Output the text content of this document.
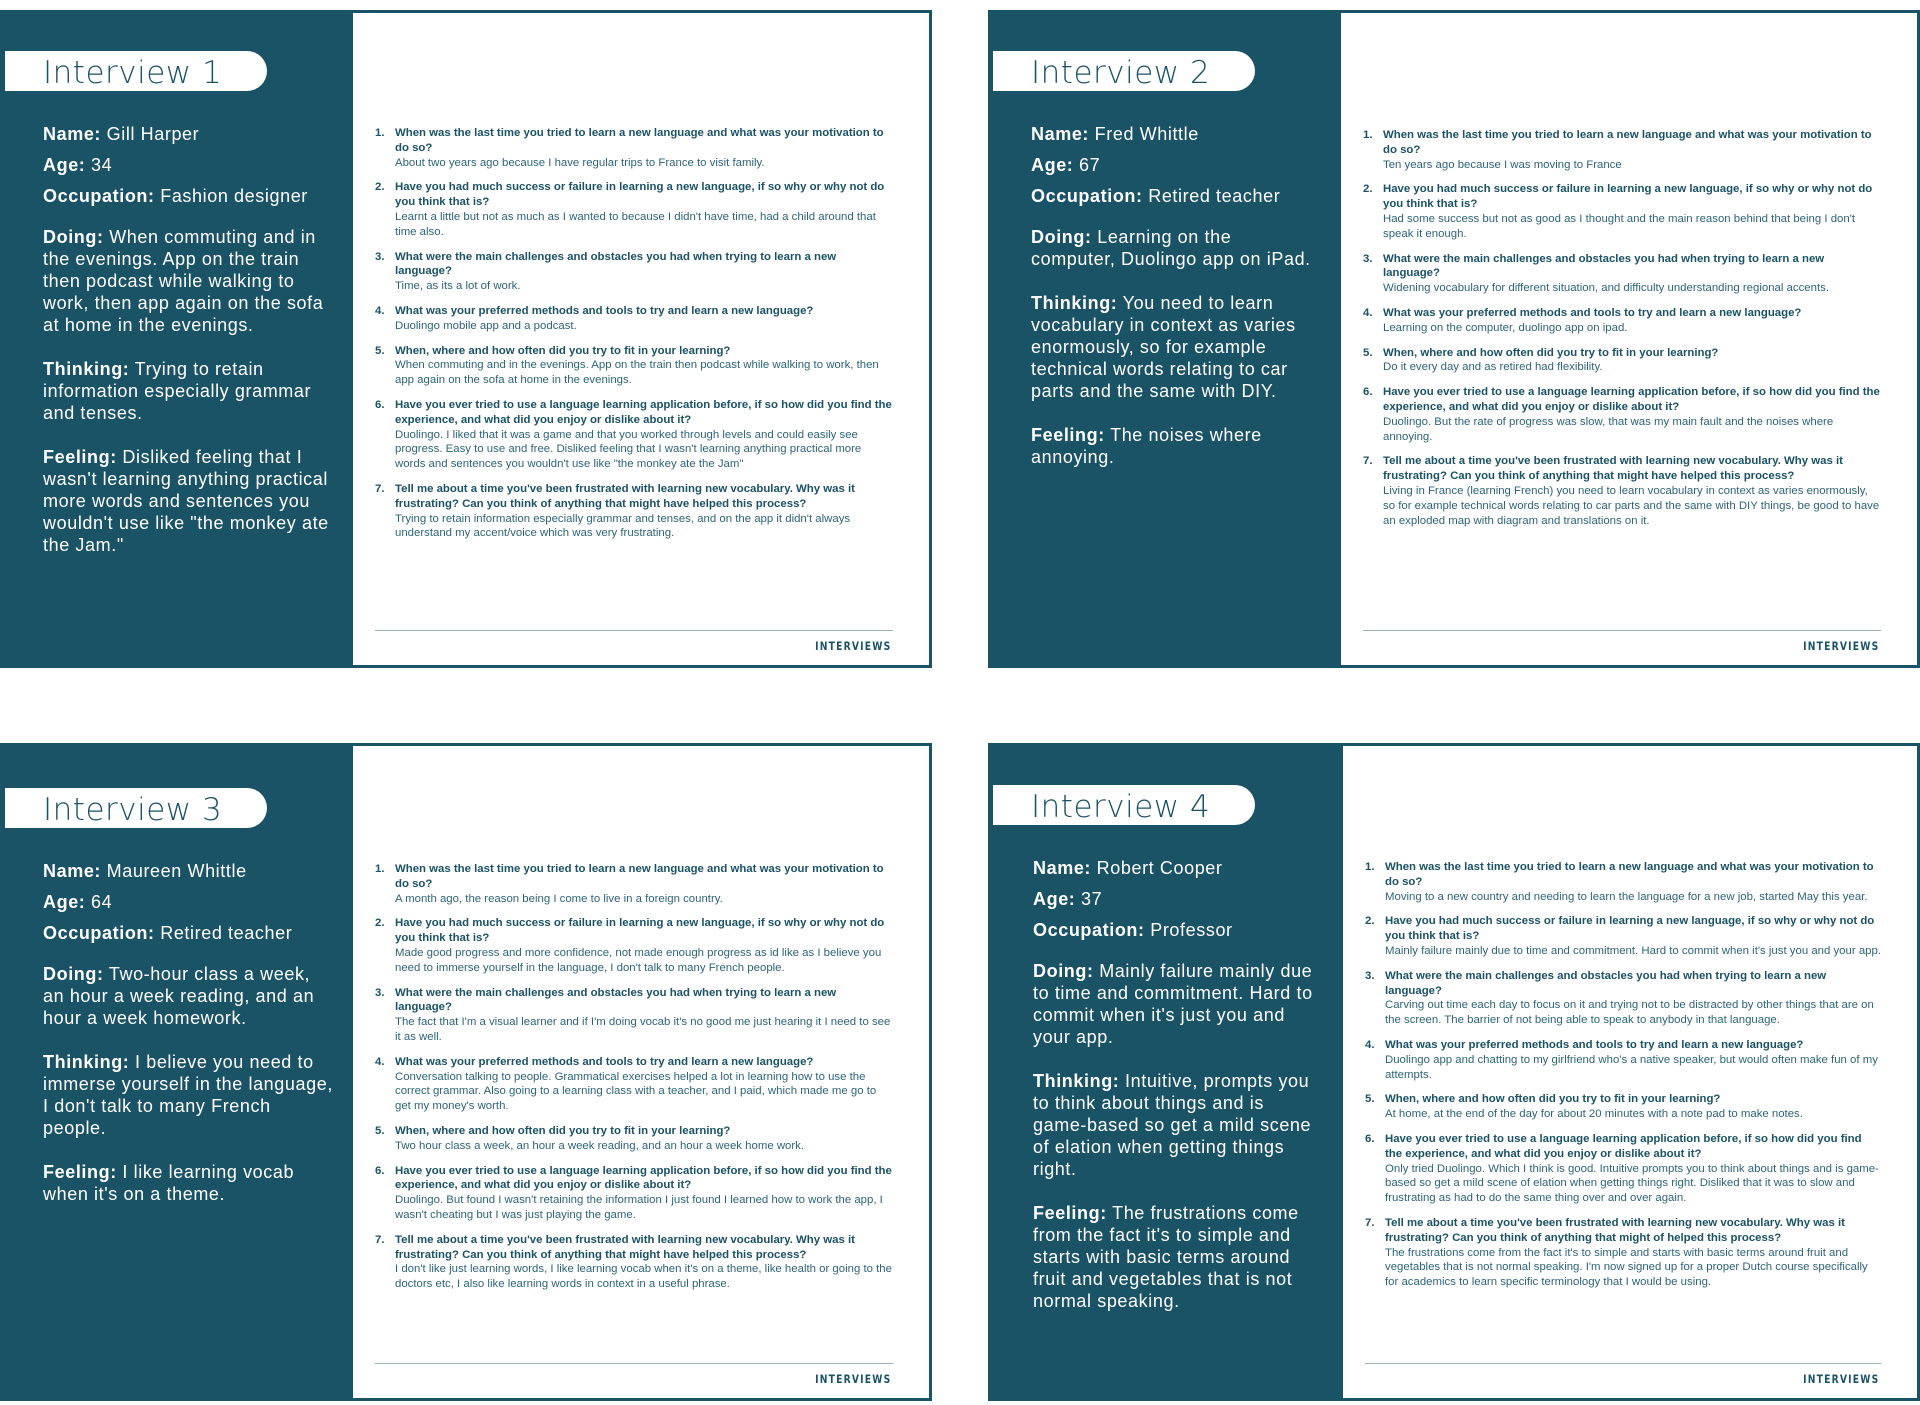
Interview 1
Name: Gill Harper
Age: 34
Occupation: Fashion designer
Doing: When commuting and in the evenings. App on the train then podcast while walking to work, then app again on the sofa at home in the evenings.
Thinking: Trying to retain information especially grammar and tenses.
Feeling: Disliked feeling that I wasn't learning anything practical more words and sentences you wouldn't use like "the monkey ate the Jam."
1. When was the last time you tried to learn a new language and what was your motivation to do so?
About two years ago because I have regular trips to France to visit family.
2. Have you had much success or failure in learning a new language, if so why or why not do you think that is?
Learnt a little but not as much as I wanted to because I didn't have time, had a child around that time also.
3. What were the main challenges and obstacles you had when trying to learn a new language?
Time, as its a lot of work.
4. What was your preferred methods and tools to try and learn a new language?
Duolingo mobile app and a podcast.
5. When, where and how often did you try to fit in your learning?
When commuting and in the evenings. App on the train then podcast while walking to work, then app again on the sofa at home in the evenings.
6. Have you ever tried to use a language learning application before, if so how did you find the experience, and what did you enjoy or dislike about it?
Duolingo. I liked that it was a game and that you worked through levels and could easily see progress. Easy to use and free. Disliked feeling that I wasn't learning anything practical more words and sentences you wouldn't use like "the monkey ate the Jam"
7. Tell me about a time you've been frustrated with learning new vocabulary. Why was it frustrating? Can you think of anything that might have helped this process?
Trying to retain information especially grammar and tenses, and on the app it didn't always understand my accent/voice which was very frustrating.
INTERVIEWS
Interview 2
Name: Fred Whittle
Age: 67
Occupation: Retired teacher
Doing: Learning on the computer, Duolingo app on iPad.
Thinking: You need to learn vocabulary in context as varies enormously, so for example technical words relating to car parts and the same with DIY.
Feeling: The noises where annoying.
1. When was the last time you tried to learn a new language and what was your motivation to do so?
Ten years ago because I was moving to France
2. Have you had much success or failure in learning a new language, if so why or why not do you think that is?
Had some success but not as good as I thought and the main reason behind that being I don't speak it enough.
3. What were the main challenges and obstacles you had when trying to learn a new language?
Widening vocabulary for different situation, and difficulty understanding regional accents.
4. What was your preferred methods and tools to try and learn a new language?
Learning on the computer, duolingo app on ipad.
5. When, where and how often did you try to fit in your learning?
Do it every day and as retired had flexibility.
6. Have you ever tried to use a language learning application before, if so how did you find the experience, and what did you enjoy or dislike about it?
Duolingo. But the rate of progress was slow, that was my main fault and the noises where annoying.
7. Tell me about a time you've been frustrated with learning new vocabulary. Why was it frustrating? Can you think of anything that might have helped this process?
Living in France (learning French) you need to learn vocabulary in context as varies enormously, so for example technical words relating to car parts and the same with DIY things, be good to have an exploded map with diagram and translations on it.
INTERVIEWS
Interview 3
Name: Maureen Whittle
Age: 64
Occupation: Retired teacher
Doing: Two-hour class a week, an hour a week reading, and an hour a week homework.
Thinking: I believe you need to immerse yourself in the language, I don't talk to many French people.
Feeling: I like learning vocab when it's on a theme.
1. When was the last time you tried to learn a new language and what was your motivation to do so?
A month ago, the reason being I come to live in a foreign country.
2. Have you had much success or failure in learning a new language, if so why or why not do you think that is?
Made good progress and more confidence, not made enough progress as id like as I believe you need to immerse yourself in the language, I don't talk to many French people.
3. What were the main challenges and obstacles you had when trying to learn a new language?
The fact that I'm a visual learner and if I'm doing vocab it's no good me just hearing it I need to see it as well.
4. What was your preferred methods and tools to try and learn a new language?
Conversation talking to people. Grammatical exercises helped a lot in learning how to use the correct grammar. Also going to a learning class with a teacher, and I paid, which made me go to get my money's worth.
5. When, where and how often did you try to fit in your learning?
Two hour class a week, an hour a week reading, and an hour a week home work.
6. Have you ever tried to use a language learning application before, if so how did you find the experience, and what did you enjoy or dislike about it?
Duolingo. But found I wasn't retaining the information I just found I learned how to work the app, I wasn't cheating but I was just playing the game.
7. Tell me about a time you've been frustrated with learning new vocabulary. Why was it frustrating? Can you think of anything that might have helped this process?
I don't like just learning words, I like learning vocab when it's on a theme, like health or going to the doctors etc, I also like learning words in context in a useful phrase.
INTERVIEWS
Interview 4
Name: Robert Cooper
Age: 37
Occupation: Professor
Doing: Mainly failure mainly due to time and commitment. Hard to commit when it's just you and your app.
Thinking: Intuitive, prompts you to think about things and is game-based so get a mild scene of elation when getting things right.
Feeling: The frustrations come from the fact it's to simple and starts with basic terms around fruit and vegetables that is not normal speaking.
1. When was the last time you tried to learn a new language and what was your motivation to do so?
Moving to a new country and needing to learn the language for a new job, started May this year.
2. Have you had much success or failure in learning a new language, if so why or why not do you think that is?
Mainly failure mainly due to time and commitment. Hard to commit when it's just you and your app.
3. What were the main challenges and obstacles you had when trying to learn a new language?
Carving out time each day to focus on it and trying not to be distracted by other things that are on the screen. The barrier of not being able to speak to anybody in that language.
4. What was your preferred methods and tools to try and learn a new language?
Duolingo app and chatting to my girlfriend who's a native speaker, but would often make fun of my attempts.
5. When, where and how often did you try to fit in your learning?
At home, at the end of the day for about 20 minutes with a note pad to make notes.
6. Have you ever tried to use a language learning application before, if so how did you find the experience, and what did you enjoy or dislike about it?
Only tried Duolingo. Which I think is good. Intuitive prompts you to think about things and is game-based so get a mild scene of elation when getting things right. Disliked that it was to slow and frustrating as had to do the same thing over and over again.
7. Tell me about a time you've been frustrated with learning new vocabulary. Why was it frustrating? Can you think of anything that might of helped this process?
The frustrations come from the fact it's to simple and starts with basic terms around fruit and vegetables that is not normal speaking. I'm now signed up for a proper Dutch course specifically for academics to learn specific terminology that I would be using.
INTERVIEWS
